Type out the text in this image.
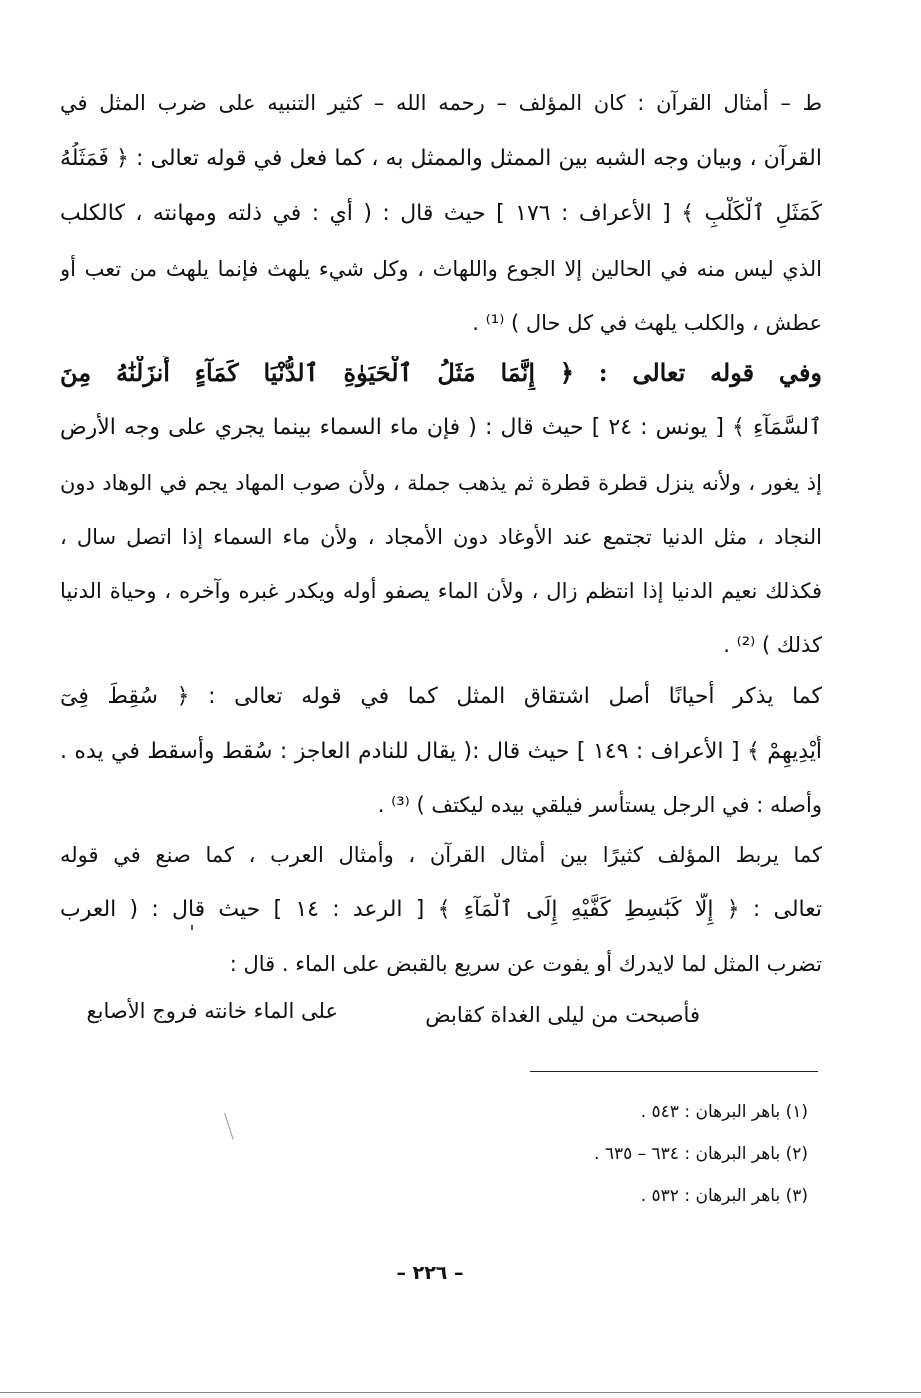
ط – أمثال القرآن : كان المؤلف – رحمه الله – كثير التنبيه على ضرب المثل في
القرآن ، وبيان وجه الشبه بين الممثل والممثل به ، كما فعل في قوله تعالى : ﴿ فَمَثَلُهُ
كَمَثَلِ ٱلْكَلْبِ ﴾ [ الأعراف : ١٧٦ ] حيث قال : ( أي : في ذلته ومهانته ، كالكلب
الذي ليس منه في الحالين إلا الجوع واللهاث ، وكل شيء يلهث فإنما يلهث من تعب أو
عطش ، والكلب يلهث في كل حال ) ⁽¹⁾ .
وفي قوله تعالى : ﴿ إِنَّمَا مَثَلُ ٱلْحَيَوٰةِ ٱلدُّنْيَا كَمَآءٍ أَنزَلْنَٰهُ مِنَ
ٱلسَّمَآءِ ﴾ [ يونس : ٢٤ ] حيث قال : ( فإن ماء السماء بينما يجري على وجه الأرض
إذ يغور ، ولأنه ينزل قطرة قطرة ثم يذهب جملة ، ولأن صوب المهاد يجم في الوهاد دون
النجاد ، مثل الدنيا تجتمع عند الأوغاد دون الأمجاد ، ولأن ماء السماء إذا اتصل سال ،
فكذلك نعيم الدنيا إذا انتظم زال ، ولأن الماء يصفو أوله ويكدر غبره وآخره ، وحياة الدنيا
كذلك ) ⁽²⁾ .
كما يذكر أحيانًا أصل اشتقاق المثل كما في قوله تعالى : ﴿ سُقِطَ فِىٓ
أَيْدِيهِمْ ﴾ [ الأعراف : ١٤٩ ] حيث قال :( يقال للنادم العاجز : سُقط وأسقط في يده .
وأصله : في الرجل يستأسر فيلقي بيده ليكتف ) ⁽³⁾ .
كما يربط المؤلف كثيرًا بين أمثال القرآن ، وأمثال العرب ، كما صنع في قوله
تعالى : ﴿ إِلَّا كَبَٰسِطِ كَفَّيْهِ إِلَى ٱلْمَآءِ ﴾ [ الرعد : ١٤ ] حيث قال : ( العرب
تضرب المثل لما لايدرك أو يفوت عن سريع بالقبض على الماء . قال :
فأصبحت من ليلى الغداة كقابض
على الماء خانته فروج الأصابع
(١) باهر البرهان : ٥٤٣ .
(٢) باهر البرهان : ٦٣٤ – ٦٣٥ .
(٣) باهر البرهان : ٥٣٢ .
– ٢٢٦ –
